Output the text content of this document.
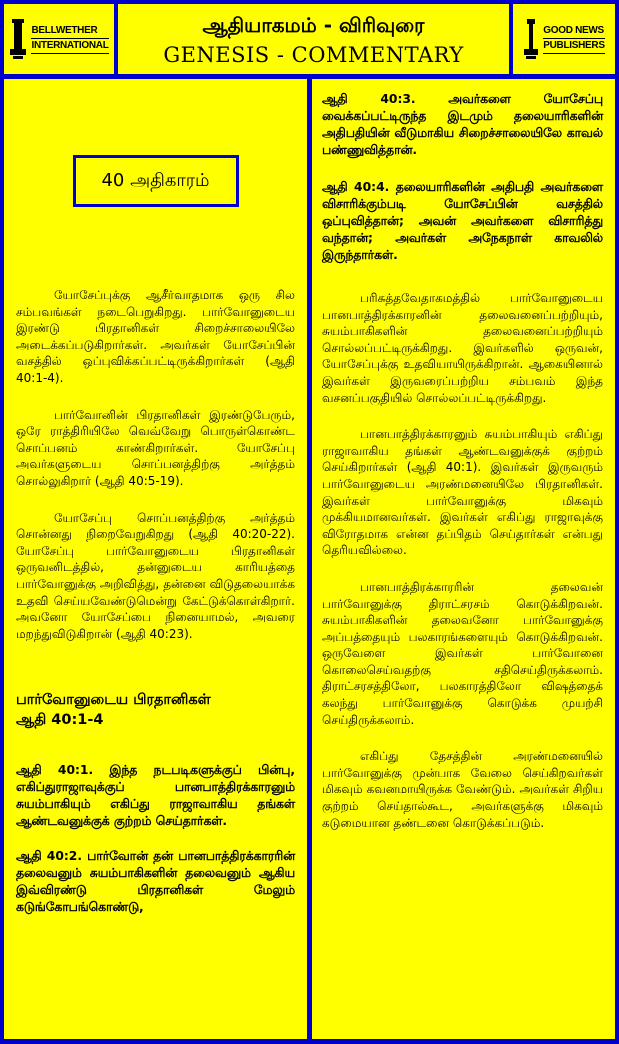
BELLWETHER
INTERNATIONAL
ஆதியாகமம் - விரிவுரை
GENESIS - COMMENTARY
GOOD NEWS
PUBLISHERS
40 அதிகாரம்

யோசேப்புக்கு ஆசீர்வாதமாக ஒரு சில சம்பவங்கள் நடைபெறுகிறது. பார்வோனுடைய இரண்டு பிரதானிகள் சிறைச்சாலையிலே அடைக்கப்படுகிறார்கள். அவர்கள் யோசேப்பின் வசத்தில் ஒப்புவிக்கப்பட்டிருக்கிறார்கள் (ஆதி 40:1-4).

பார்வோனின் பிரதானிகள் இரண்டுபேரும், ஒரே ராத்திரியிலே வெவ்வேறு பொருள்கொண்ட சொப்பனம் காண்கிறார்கள். யோசேப்பு அவர்களுடைய சொப்பனத்திற்கு அர்த்தம் சொல்லுகிறார் (ஆதி 40:5-19).

யோசேப்பு சொப்பனத்திற்கு அர்த்தம் சொன்னது நிறைவேறுகிறது (ஆதி 40:20-22). யோசேப்பு பார்வோனுடைய பிரதானிகள் ஒருவனிடத்தில், தன்னுடைய காரியத்தை பார்வோனுக்கு அறிவித்து, தன்னை விடுதலையாக்க உதவி செய்யவேண்டுமென்று கேட்டுக்கொள்கிறார். அவனோ யோசேப்பை நினையாமல், அவரை மறந்துவிடுகிறான் (ஆதி 40:23).

பார்வோனுடைய பிரதானிகள்
ஆதி 40:1-4

ஆதி 40:1. இந்த நடபடிகளுக்குப் பின்பு, எகிப்துராஜாவுக்குப் பானபாத்திரக்காரனும் சுயம்பாகியும் எகிப்து ராஜாவாகிய தங்கள் ஆண்டவனுக்குக் குற்றம் செய்தார்கள்.

ஆதி 40:2. பார்வோன் தன் பானபாத்திரக்காரரின் தலைவனும் சுயம்பாகிகளின் தலைவனும் ஆகிய இவ்விரண்டு பிரதானிகள் மேலும் கடுங்கோபங்கொண்டு,

ஆதி 40:3. அவர்களை யோசேப்பு வைக்கப்பட்டிருந்த இடமும் தலையாரிகளின் அதிபதியின் வீடுமாகிய சிறைச்சாலையிலே காவல் பண்ணுவித்தான்.

ஆதி 40:4. தலையாரிகளின் அதிபதி அவர்களை விசாரிக்கும்படி யோசேப்பின் வசத்தில் ஒப்புவித்தான்; அவன் அவர்களை விசாரித்து வந்தான்; அவர்கள் அநேகநாள் காவலில் இருந்தார்கள்.

பரிசுத்தவேதாகமத்தில் பார்வோனுடைய பானபாத்திரக்காரனின் தலைவனைப்பற்றியும், சுயம்பாகிகளின் தலைவனைப்பற்றியும் சொல்லப்பட்டிருக்கிறது. இவர்களில் ஒருவன், யோசேப்புக்கு உதவியாயிருக்கிறான். ஆகையினால் இவர்கள் இருவரைப்பற்றிய சம்பவம் இந்த வசனப்பகுதியில் சொல்லப்பட்டிருக்கிறது.

பானபாத்திரக்காரனும் சுயம்பாகியும் எகிப்து ராஜாவாகிய தங்கள் ஆண்டவனுக்குக் குற்றம் செய்கிறார்கள் (ஆதி 40:1). இவர்கள் இருவரும் பார்வோனுடைய அரண்மனையிலே பிரதானிகள். இவர்கள் பார்வோனுக்கு மிகவும் முக்கியமானவர்கள். இவர்கள் எகிப்து ராஜாவுக்கு விரோதமாக என்ன தப்பிதம் செய்தார்கள் என்பது தெரியவில்லை.

பானபாத்திரக்காரரின் தலைவன் பார்வோனுக்கு திராட்சரசம் கொடுக்கிறவன். சுயம்பாகிகளின் தலைவனோ பார்வோனுக்கு அப்பத்தையும் பலகாரங்களையும் கொடுக்கிறவன். ஒருவேளை இவர்கள் பார்வோனை கொலைசெய்வதற்கு சதிசெய்திருக்கலாம். திராட்சரசத்திலோ, பலகாரத்திலோ விஷத்தைக் கலந்து பார்வோனுக்கு கொடுக்க முயற்சி செய்திருக்கலாம்.

எகிப்து தேசத்தின் அரண்மனையில் பார்வோனுக்கு முன்பாக வேலை செய்கிறவர்கள் மிகவும் கவனமாயிருக்க வேண்டும். அவர்கள் சிறிய குற்றம் செய்தால்கூட, அவர்களுக்கு மிகவும் கடுமையான தண்டனை கொடுக்கப்படும்.
